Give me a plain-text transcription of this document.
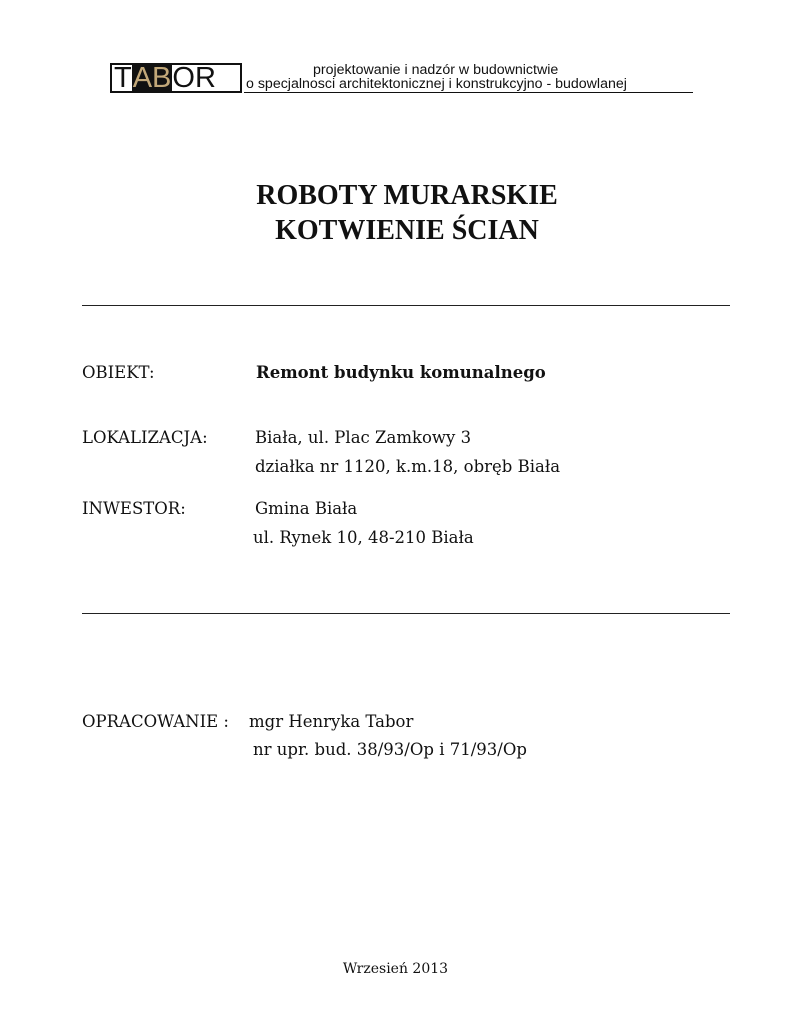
T AB OR	projektowanie i nadzór w budownictwie
o specjalnosci architektonicznej i konstrukcyjno - budowlanej
ROBOTY MURARSKIE
KOTWIENIE ŚCIAN
OBIEKT:	Remont budynku komunalnego
LOKALIZACJA:	Biała, ul. Plac Zamkowy 3
działka nr 1120, k.m.18, obręb Biała
INWESTOR:	Gmina Biała
ul. Rynek 10, 48-210 Biała
OPRACOWANIE : mgr Henryka Tabor
nr upr. bud. 38/93/Op i 71/93/Op
Wrzesień 2013
